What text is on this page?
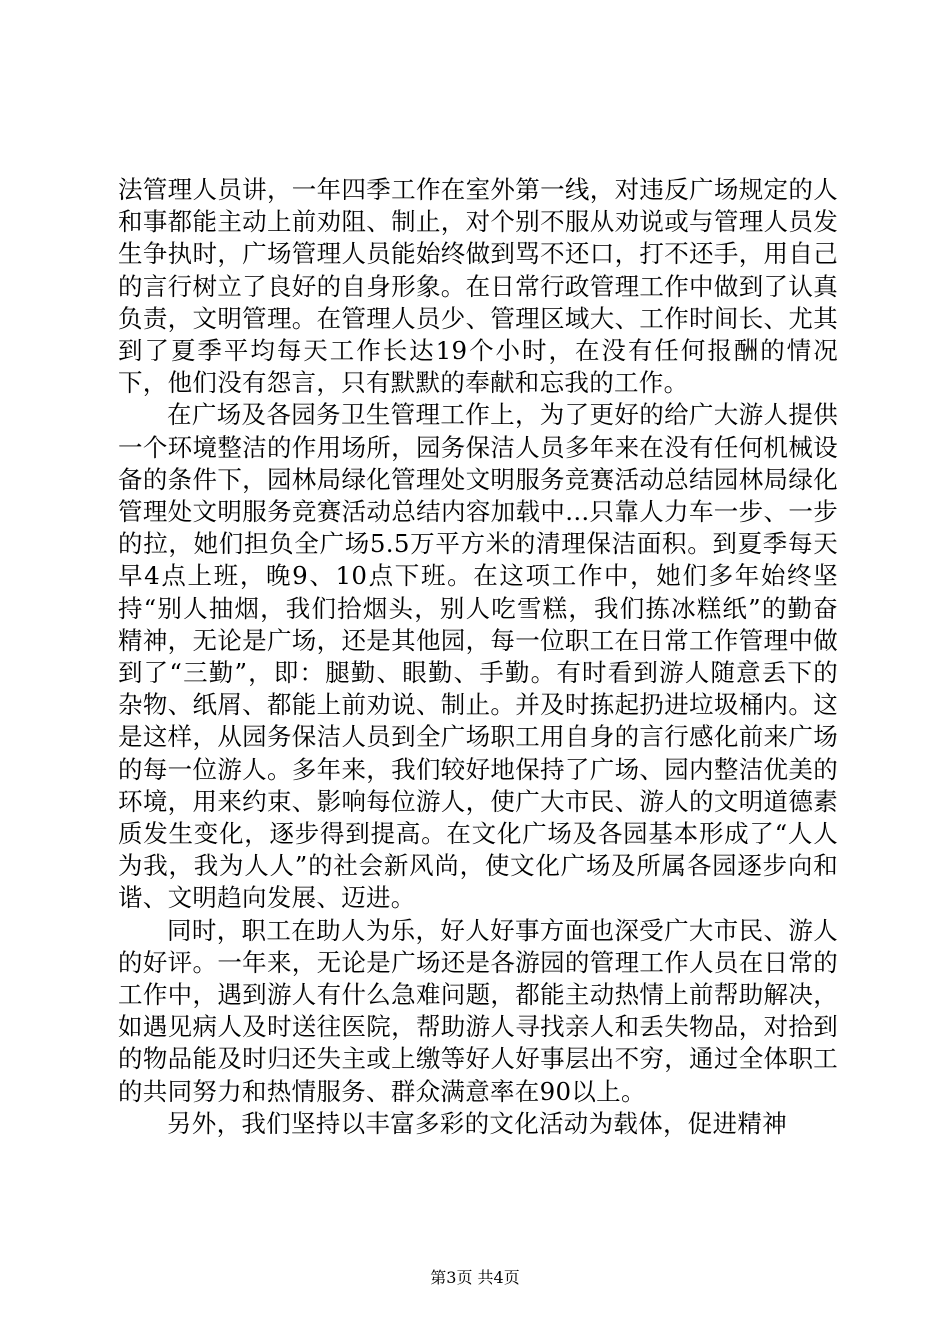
法管理人员讲，一年四季工作在室外第一线，对违反广场规定的人和事都能主动上前劝阻、制止，对个别不服从劝说或与管理人员发生争执时，广场管理人员能始终做到骂不还口，打不还手，用自己的言行树立了良好的自身形象。在日常行政管理工作中做到了认真负责，文明管理。在管理人员少、管理区域大、工作时间长、尤其到了夏季平均每天工作长达19个小时，在没有任何报酬的情况下，他们没有怨言，只有默默的奉献和忘我的工作。

在广场及各园务卫生管理工作上，为了更好的给广大游人提供一个环境整洁的作用场所，园务保洁人员多年来在没有任何机械设备的条件下，园林局绿化管理处文明服务竞赛活动总结园林局绿化管理处文明服务竞赛活动总结内容加载中...只靠人力车一步、一步的拉，她们担负全广场5.5万平方米的清理保洁面积。到夏季每天早4点上班，晚9、10点下班。在这项工作中，她们多年始终坚持“别人抽烟，我们拾烟头，别人吃雪糕，我们拣冰糕纸”的勤奋精神，无论是广场，还是其他园，每一位职工在日常工作管理中做到了“三勤”，即：腿勤、眼勤、手勤。有时看到游人随意丢下的杂物、纸屑、都能上前劝说、制止。并及时拣起扔进垃圾桶内。这是这样，从园务保洁人员到全广场职工用自身的言行感化前来广场的每一位游人。多年来，我们较好地保持了广场、园内整洁优美的环境，用来约束、影响每位游人，使广大市民、游人的文明道德素质发生变化，逐步得到提高。在文化广场及各园基本形成了“人人为我，我为人人”的社会新风尚，使文化广场及所属各园逐步向和谐、文明趋向发展、迈进。

同时，职工在助人为乐，好人好事方面也深受广大市民、游人的好评。一年来，无论是广场还是各游园的管理工作人员在日常的工作中，遇到游人有什么急难问题，都能主动热情上前帮助解决，如遇见病人及时送往医院，帮助游人寻找亲人和丢失物品，对拾到的物品能及时归还失主或上缴等好人好事层出不穷，通过全体职工的共同努力和热情服务、群众满意率在90以上。

另外，我们坚持以丰富多彩的文化活动为载体，促进精神

第3页 共4页
